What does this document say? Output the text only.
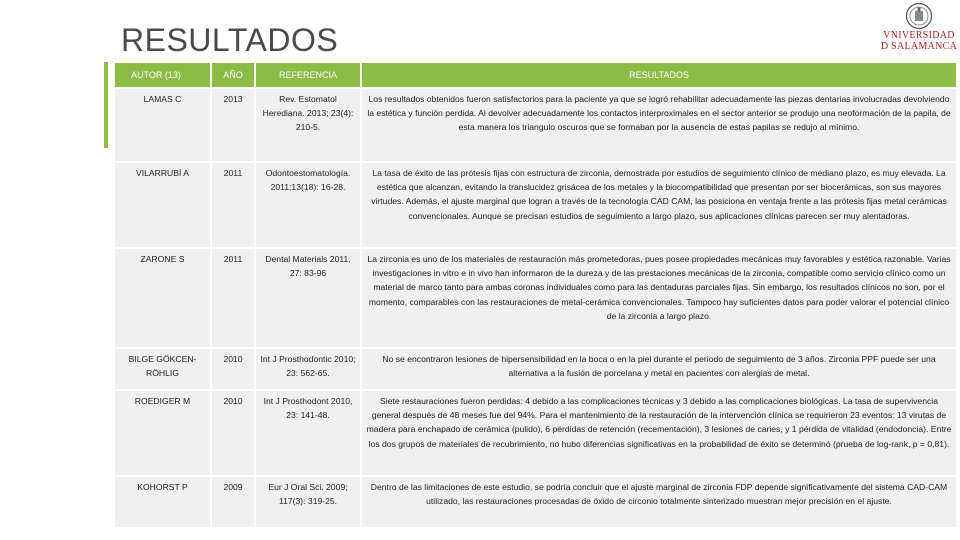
RESULTADOS	VNIVERSIDAD
D SALAMANCA
AUTOR (13)	AÑO	REFERENCIA	RESULTADOS
LAMAS C	2013	Rev. Estomatol Herediana. 2013; 23(4): 210-5.	Los resultados obtenidos fueron satisfactorios para la paciente ya que se logró rehabilitar adecuadamente las piezas dentarias involucradas devolviendo la estética y función perdida. Al devolver adecuadamente los contactos interproximales en el sector anterior se produjo una neoformación de la papila, de esta manera los triangulo oscuros que se formaban por la ausencia de estas papilas se redujo al mínimo.
VILARRUBÍ A	2011	Odontoestomatología. 2011;13(18): 16-28.	La tasa de éxito de las prótesis fijas con estructura de zirconia, demostrada por estudios de seguimiento clínico de mediano plazo, es muy elevada. La estética que alcanzan, evitando la translucidez grisácea de los metales y la biocompatibilidad que presentan por ser biocerámicas, son sus mayores virtudes. Además, el ajuste marginal que logran a través de la tecnología CAD CAM, las posiciona en ventaja frente a las prótesis fijas metal cerámicas convencionales. Aunque se precisan estudios de seguimiento a largo plazo, sus aplicaciones clínicas parecen ser muy alentadoras.
ZARONE S	2011	Dental Materials 2011, 27: 83-96	La zirconia es uno de los materiales de restauración más prometedoras, pues posee propiedades mecánicas muy favorables y estética razonable. Varias investigaciones in vitro e in vivo han informaron de la dureza y de las prestaciones mecánicas de la zirconia, compatible como servicio clínico como un material de marco tanto para ambas coronas individuales como para las dentaduras parciales fijas. Sin embargo, los resultados clínicos no son, por el momento, comparables con las restauraciones de metal-cerámica convencionales. Tampoco hay suficientes datos para poder valorar el potencial clínico de la zirconia a largo plazo.
BILGE GÖKCEN-RÖHLIG	2010	Int J Prosthodontic 2010; 23: 562-65.	No se encontraron lesiones de hipersensibilidad en la boca o en la piel durante el periodo de seguimiento de 3 años. Zirconia PPF puede ser una alternativa a la fusión de porcelana y metal en pacientes con alergias de metal.
ROEDIGER M	2010	Int J Prosthodont 2010, 23: 141-48.	Siete restauraciones fueron perdidas: 4 debido a las complicaciones técnicas y 3 debido a las complicaciones biológicas. La tasa de supervivencia general después de 48 meses fue del 94%. Para el mantenimiento de la restauración de la intervención clínica se requirieron 23 eventos: 13 virutas de madera para enchapado de cerámica (pulido), 6 pérdidas de retención (recementación), 3 lesiones de caries, y 1 pérdida de vitalidad (endodoncia). Entre los dos grupos de materiales de recubrimiento, no hubo diferencias significativas en la probabilidad de éxito se determinó (prueba de log-rank, p = 0,81).
KOHORST P	2009	Eur J Oral Sci. 2009; 117(3): 319-25.	Dentro de las limitaciones de este estudio, se podría concluir que el ajuste marginal de zirconia FDP depende significativamente del sistema CAD-CAM utilizado, las restauraciones procesadas de óxido de circonio totalmente sinterizado muestran mejor precisión en el ajuste.
